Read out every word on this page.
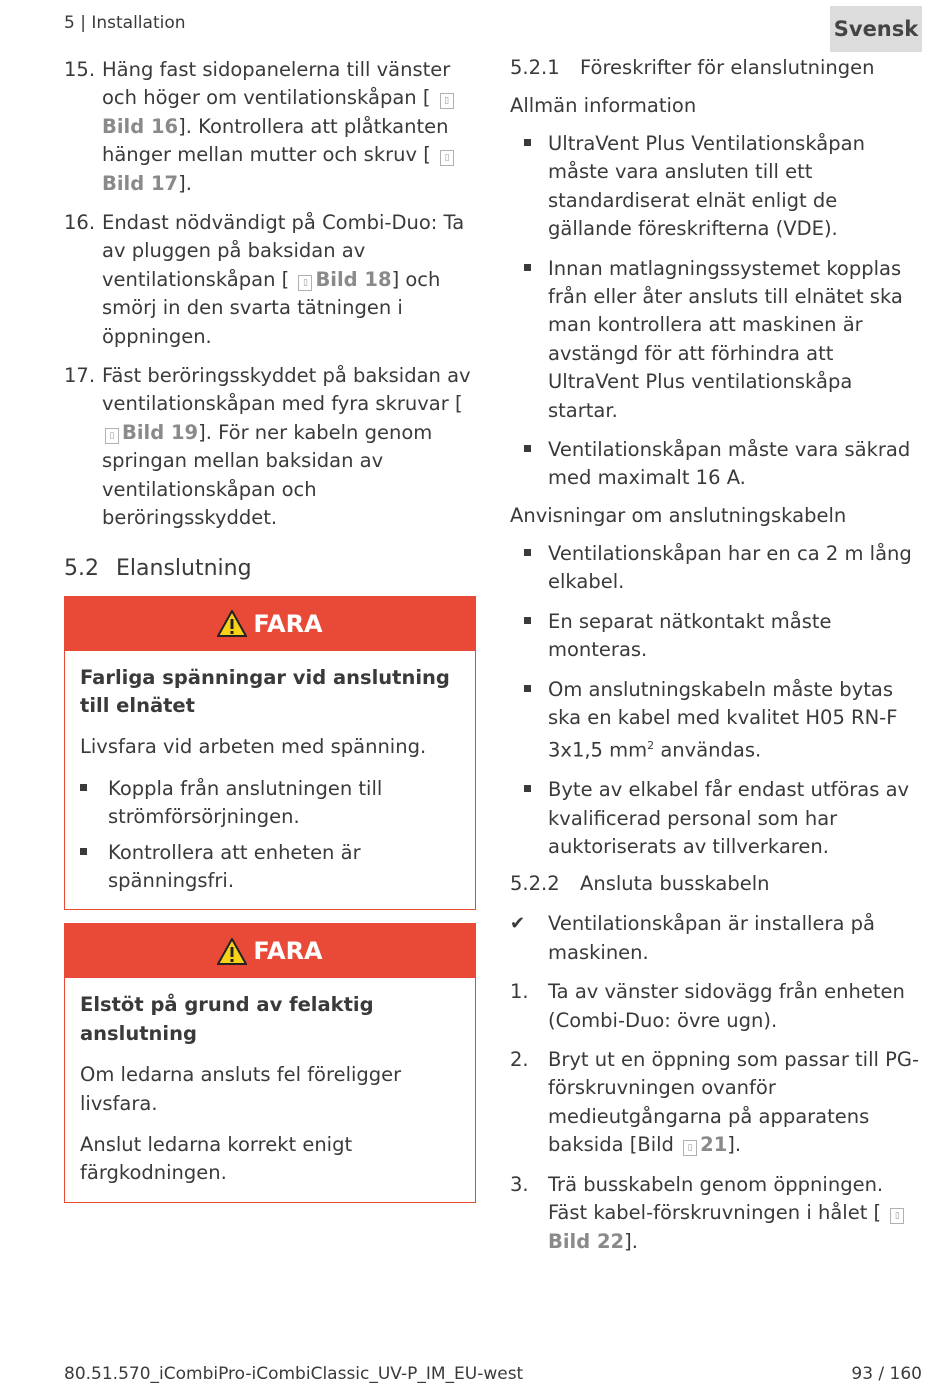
5 | Installation	Svensk
15. Häng fast sidopanelerna till vänster och höger om ventilationskåpan [ ▯Bild 16]. Kontrollera att plåtkanten hänger mellan mutter och skruv [ ▯Bild 17].
16. Endast nödvändigt på Combi-Duo: Ta av pluggen på baksidan av ventilationskåpan [ ▯ Bild 18] och smörj in den svarta tätningen i öppningen.
17. Fäst beröringsskyddet på baksidan av ventilationskåpan med fyra skruvar [ ▯ Bild 19]. För ner kabeln genom springan mellan baksidan av ventilationskåpan och beröringsskyddet.
5.2 Elanslutning
FARA
Farliga spänningar vid anslutning till elnätet

Livsfara vid arbeten med spänning.

Koppla från anslutningen till strömförsörjningen.
Kontrollera att enheten är spänningsfri.
FARA
Elstöt på grund av felaktig anslutning

Om ledarna ansluts fel föreligger livsfara.

Anslut ledarna korrekt enigt färgkodningen.

5.2.1	Föreskrifter för elanslutningen
Allmän information
UltraVent Plus Ventilationskåpan måste vara ansluten till ett standardiserat elnät enligt de gällande föreskrifterna (VDE).
Innan matlagningssystemet kopplas från eller åter ansluts till elnätet ska man kontrollera att maskinen är avstängd för att förhindra att UltraVent Plus ventilationskåpa startar.
Ventilationskåpan måste vara säkrad med maximalt 16 A.
Anvisningar om anslutningskabeln
Ventilationskåpan har en ca 2 m lång elkabel.
En separat nätkontakt måste monteras.
Om anslutningskabeln måste bytas ska en kabel med kvalitet H05 RN-F 3x1,5 $mm^2$ användas.
Byte av elkabel får endast utföras av kvalificerad personal som har auktoriserats av tillverkaren.
5.2.2	Ansluta busskabeln
✔	Ventilationskåpan är installera på maskinen.
1. Ta av vänster sidovägg från enheten (Combi-Duo: övre ugn).
2. Bryt ut en öppning som passar till PG-förskruvningen ovanför medieutgångarna på apparatens baksida [Bild ▯ 21].
3. Trä busskabeln genom öppningen. Fäst kabel-förskruvningen i hålet [ ▯Bild 22].
80.51.570_iCombiPro-iCombiClassic_UV-P_IM_EU-west	93 / 160
